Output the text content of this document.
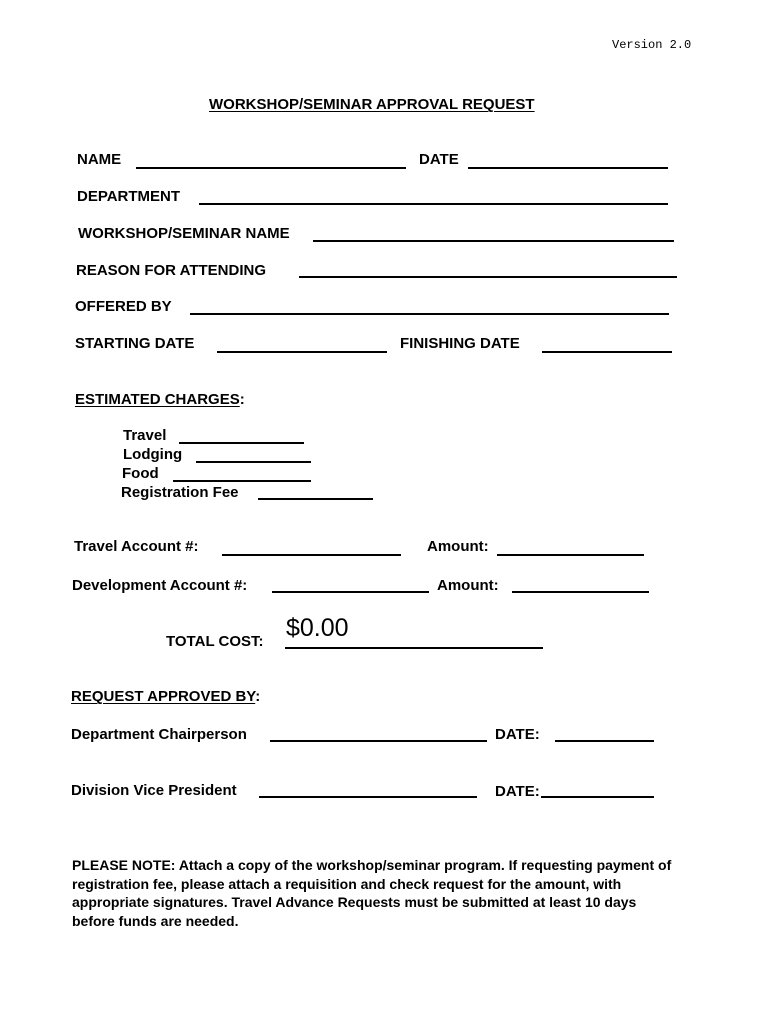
Version 2.0
WORKSHOP/SEMINAR APPROVAL REQUEST
NAME	DATE
DEPARTMENT
WORKSHOP/SEMINAR NAME
REASON FOR ATTENDING
OFFERED BY
STARTING DATE	FINISHING DATE
ESTIMATED CHARGES:
Travel
Lodging
Food
Registration Fee
Travel Account #:	Amount:
Development Account #:	Amount:
TOTAL COST: $0.00
REQUEST APPROVED BY:
Department Chairperson	DATE:
Division Vice President	DATE:
PLEASE NOTE: Attach a copy of the workshop/seminar program. If requesting payment of registration fee, please attach a requisition and check request for the amount, with appropriate signatures. Travel Advance Requests must be submitted at least 10 days before funds are needed.
